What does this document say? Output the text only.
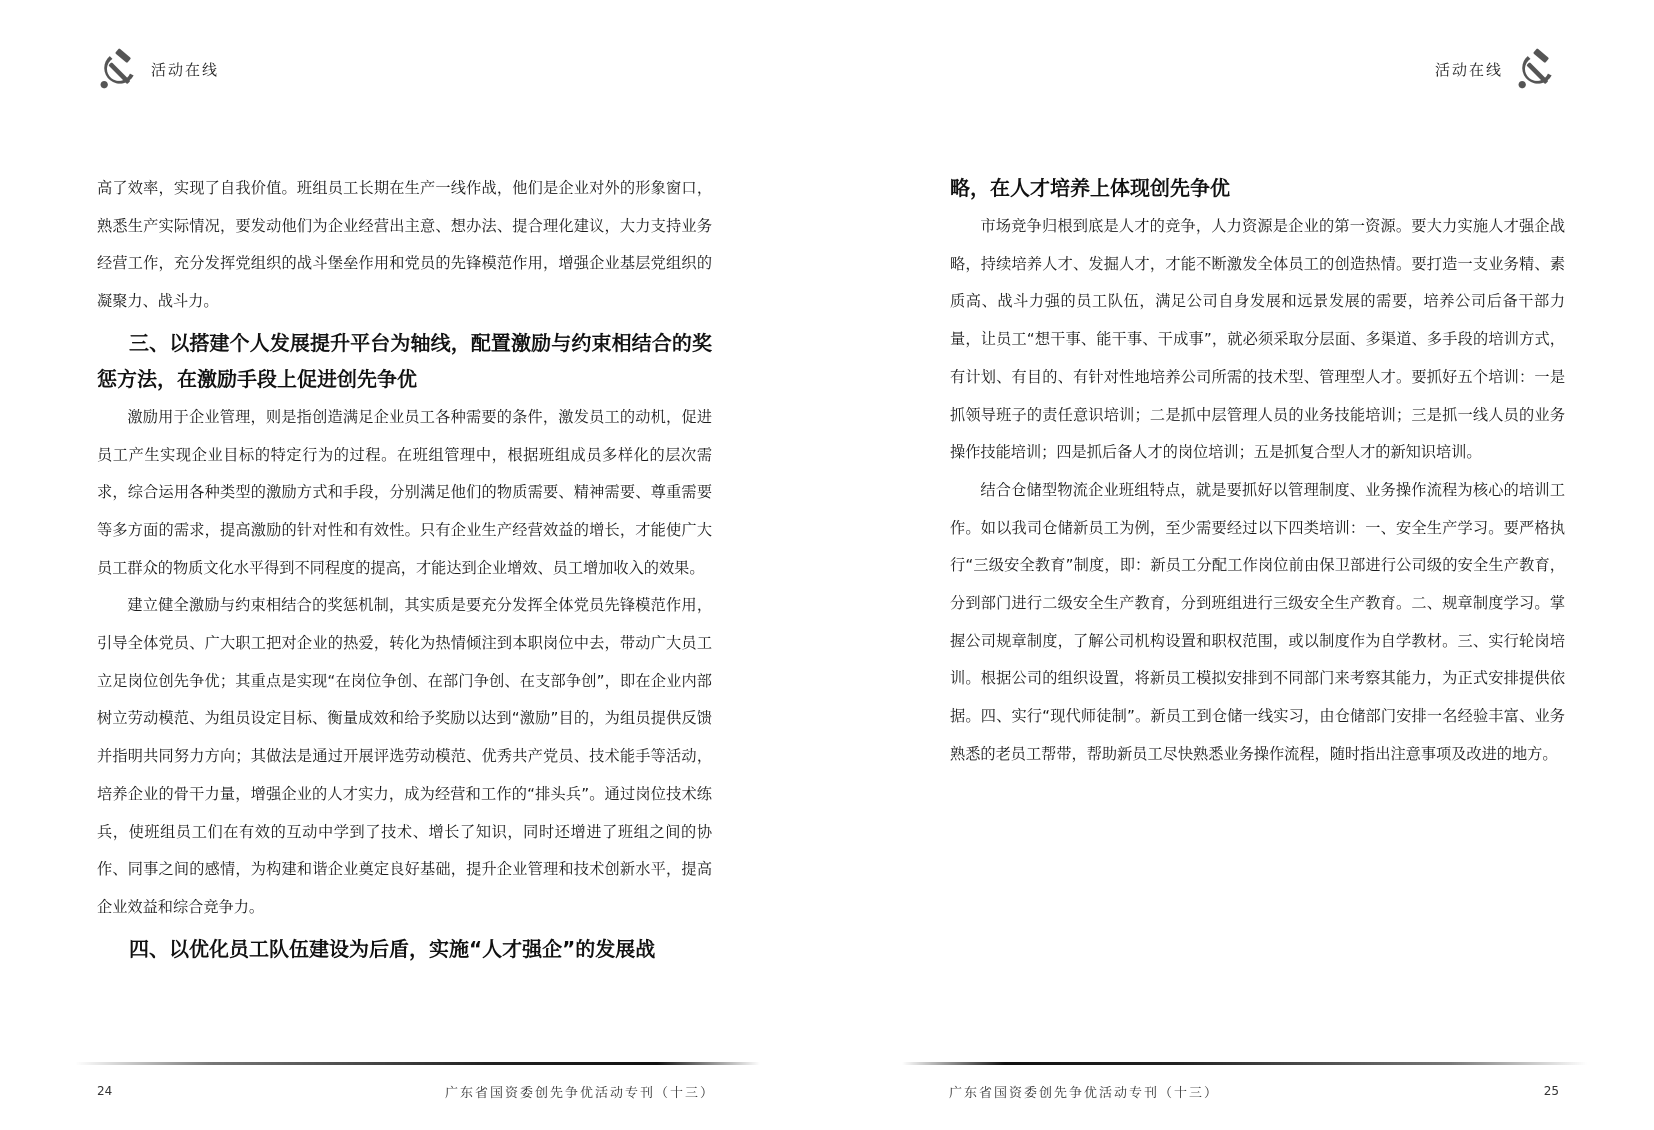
活动在线

高了效率，实现了自我价值。班组员工长期在生产一线作战，他们是企业对外的形象窗口，熟悉生产实际情况，要发动他们为企业经营出主意、想办法、提合理化建议，大力支持业务经营工作，充分发挥党组织的战斗堡垒作用和党员的先锋模范作用，增强企业基层党组织的凝聚力、战斗力。

三、以搭建个人发展提升平台为轴线，配置激励与约束相结合的奖惩方法，在激励手段上促进创先争优

激励用于企业管理，则是指创造满足企业员工各种需要的条件，激发员工的动机，促进员工产生实现企业目标的特定行为的过程。在班组管理中，根据班组成员多样化的层次需求，综合运用各种类型的激励方式和手段，分别满足他们的物质需要、精神需要、尊重需要等多方面的需求，提高激励的针对性和有效性。只有企业生产经营效益的增长，才能使广大员工群众的物质文化水平得到不同程度的提高，才能达到企业增效、员工增加收入的效果。

建立健全激励与约束相结合的奖惩机制，其实质是要充分发挥全体党员先锋模范作用，引导全体党员、广大职工把对企业的热爱，转化为热情倾注到本职岗位中去，带动广大员工立足岗位创先争优；其重点是实现“在岗位争创、在部门争创、在支部争创”，即在企业内部树立劳动模范、为组员设定目标、衡量成效和给予奖励以达到“激励”目的，为组员提供反馈并指明共同努力方向；其做法是通过开展评选劳动模范、优秀共产党员、技术能手等活动，培养企业的骨干力量，增强企业的人才实力，成为经营和工作的“排头兵”。通过岗位技术练兵，使班组员工们在有效的互动中学到了技术、增长了知识，同时还增进了班组之间的协作、同事之间的感情，为构建和谐企业奠定良好基础，提升企业管理和技术创新水平，提高企业效益和综合竞争力。

四、以优化员工队伍建设为后盾，实施“人才强企”的发展战
24	广东省国资委创先争优活动专刊（十三）
活动在线
略，在人才培养上体现创先争优

市场竞争归根到底是人才的竞争，人力资源是企业的第一资源。要大力实施人才强企战略，持续培养人才、发掘人才，才能不断激发全体员工的创造热情。要打造一支业务精、素质高、战斗力强的员工队伍，满足公司自身发展和远景发展的需要，培养公司后备干部力量，让员工“想干事、能干事、干成事”，就必须采取分层面、多渠道、多手段的培训方式，有计划、有目的、有针对性地培养公司所需的技术型、管理型人才。要抓好五个培训：一是抓领导班子的责任意识培训；二是抓中层管理人员的业务技能培训；三是抓一线人员的业务操作技能培训；四是抓后备人才的岗位培训；五是抓复合型人才的新知识培训。

结合仓储型物流企业班组特点，就是要抓好以管理制度、业务操作流程为核心的培训工作。如以我司仓储新员工为例，至少需要经过以下四类培训：一、安全生产学习。要严格执行“三级安全教育”制度，即：新员工分配工作岗位前由保卫部进行公司级的安全生产教育，分到部门进行二级安全生产教育，分到班组进行三级安全生产教育。二、规章制度学习。掌握公司规章制度，了解公司机构设置和职权范围，或以制度作为自学教材。三、实行轮岗培训。根据公司的组织设置，将新员工模拟安排到不同部门来考察其能力，为正式安排提供依据。四、实行“现代师徒制”。新员工到仓储一线实习，由仓储部门安排一名经验丰富、业务熟悉的老员工帮带，帮助新员工尽快熟悉业务操作流程，随时指出注意事项及改进的地方。

25
广东省国资委创先争优活动专刊（十三）
